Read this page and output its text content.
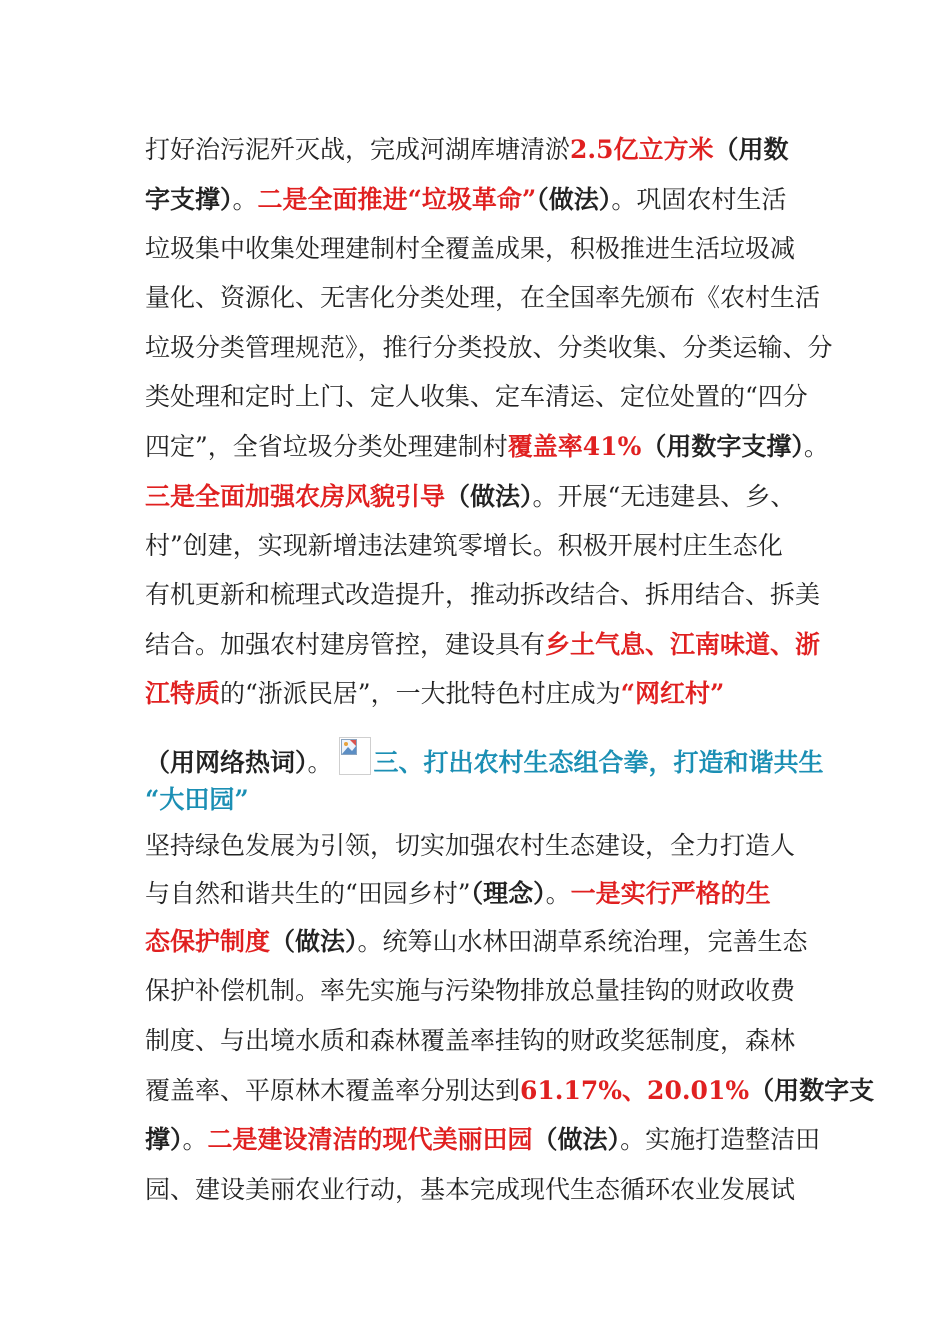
打好治污泥歼灭战，完成河湖库塘清淤2.5亿立方米（用数
字支撑）。二是全面推进“垃圾革命”（做法）。巩固农村生活
垃圾集中收集处理建制村全覆盖成果，积极推进生活垃圾减
量化、资源化、无害化分类处理，在全国率先颁布《农村生活
垃圾分类管理规范》，推行分类投放、分类收集、分类运输、分
类处理和定时上门、定人收集、定车清运、定位处置的“四分
四定”，全省垃圾分类处理建制村覆盖率41%（用数字支撑）。
三是全面加强农房风貌引导（做法）。开展“无违建县、乡、
村”创建，实现新增违法建筑零增长。积极开展村庄生态化
有机更新和梳理式改造提升，推动拆改结合、拆用结合、拆美
结合。加强农村建房管控，建设具有乡土气息、江南味道、浙
江特质的“浙派民居”，一大批特色村庄成为“网红村”
（用网络热词）。 三、打出农村生态组合拳，打造和谐共生
“大田园”
坚持绿色发展为引领，切实加强农村生态建设，全力打造人
与自然和谐共生的“田园乡村”（理念）。一是实行严格的生
态保护制度（做法）。统筹山水林田湖草系统治理，完善生态
保护补偿机制。率先实施与污染物排放总量挂钩的财政收费
制度、与出境水质和森林覆盖率挂钩的财政奖惩制度，森林
覆盖率、平原林木覆盖率分别达到61.17%、20.01%（用数字支
撑）。二是建设清洁的现代美丽田园（做法）。实施打造整洁田
园、建设美丽农业行动，基本完成现代生态循环农业发展试
